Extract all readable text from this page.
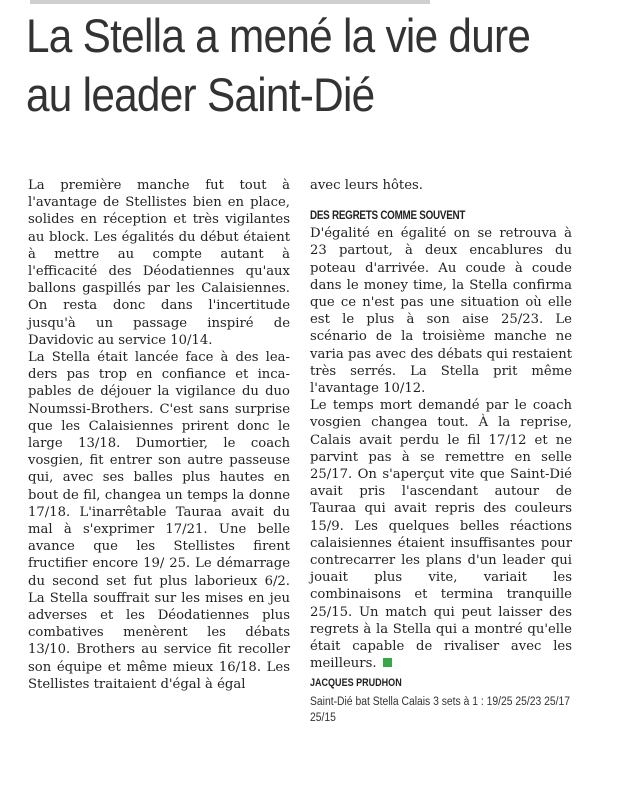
La Stella a mené la vie dure au leader Saint-Dié

La première manche fut tout à l'avantage de Stellistes bien en place, solides en réception et très vigilantes au block. Les égalités du début étaient à mettre au compte autant à l'efficacité des Déodatiennes qu'aux ballons gaspillés par les Calaisiennes. On resta donc dans l'incertitude jusqu'à un passage inspiré de Davidovic au service 10/14.

La Stella était lancée face à des leaders pas trop en confiance et incapables de déjouer la vigilance du duo Noumssi-Brothers. C'est sans surprise que les Calaisiennes prirent donc le large 13/18. Dumortier, le coach vosgien, fit entrer son autre passeuse qui, avec ses balles plus hautes en bout de fil, changea un temps la donne 17/18. L'inarrêtable Tauraa avait du mal à s'exprimer 17/21. Une belle avance que les Stellistes firent fructifier encore 19/ 25. Le démarrage du second set fut plus laborieux 6/2. La Stella souffrait sur les mises en jeu adverses et les Déodatiennes plus combatives menèrent les débats 13/10. Brothers au service fit recoller son équipe et même mieux 16/18. Les Stellistes traitaient d'égal à égal

avec leurs hôtes.

DES REGRETS COMME SOUVENT

D'égalité en égalité on se retrouva à 23 partout, à deux encablures du poteau d'arrivée. Au coude à coude dans le money time, la Stella confirma que ce n'est pas une situation où elle est le plus à son aise 25/23. Le scénario de la troisième manche ne varia pas avec des débats qui restaient très serrés. La Stella prit même l'avantage 10/12.

Le temps mort demandé par le coach vosgien changea tout. À la reprise, Calais avait perdu le fil 17/12 et ne parvint pas à se remettre en selle 25/17. On s'aperçut vite que Saint-Dié avait pris l'ascendant autour de Tauraa qui avait repris des couleurs 15/9. Les quelques belles réactions calaisiennes étaient insuffisantes pour contrecarrer les plans d'un leader qui jouait plus vite, variait les combinaisons et termina tranquille 25/15. Un match qui peut laisser des regrets à la Stella qui a montré qu'elle était capable de rivaliser avec les meilleurs.

JACQUES PRUDHON
Saint-Dié bat Stella Calais 3 sets à 1 : 19/25 25/23 25/17 25/15
